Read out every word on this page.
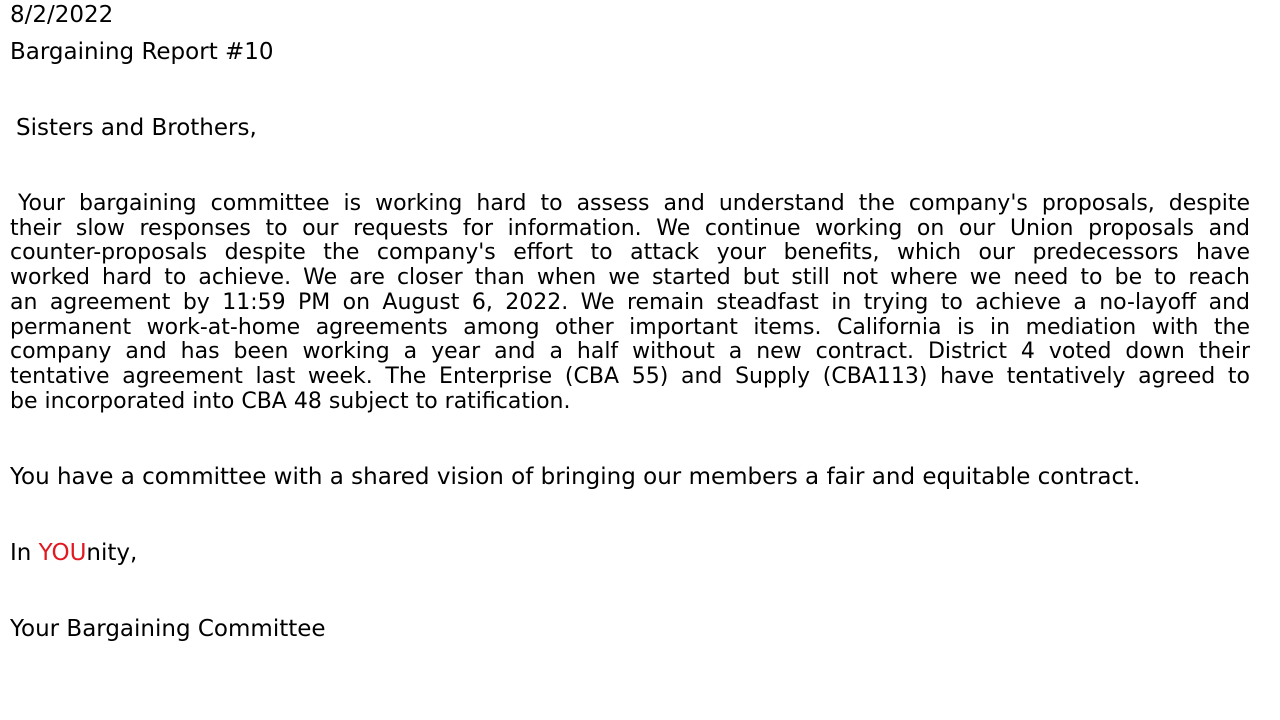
8/2/2022
Bargaining Report #10
Sisters and Brothers,
Your bargaining committee is working hard to assess and understand the company's proposals, despite
their slow responses to our requests for information. We continue working on our Union proposals and
counter-proposals despite the company's effort to attack your benefits, which our predecessors have
worked hard to achieve. We are closer than when we started but still not where we need to be to reach
an agreement by 11:59 PM on August 6, 2022. We remain steadfast in trying to achieve a no-layoff and
permanent work-at-home agreements among other important items. California is in mediation with the
company and has been working a year and a half without a new contract. District 4 voted down their
tentative agreement last week. The Enterprise (CBA 55) and Supply (CBA113) have tentatively agreed to
be incorporated into CBA 48 subject to ratification.
You have a committee with a shared vision of bringing our members a fair and equitable contract.
In YOUnity,
Your Bargaining Committee
